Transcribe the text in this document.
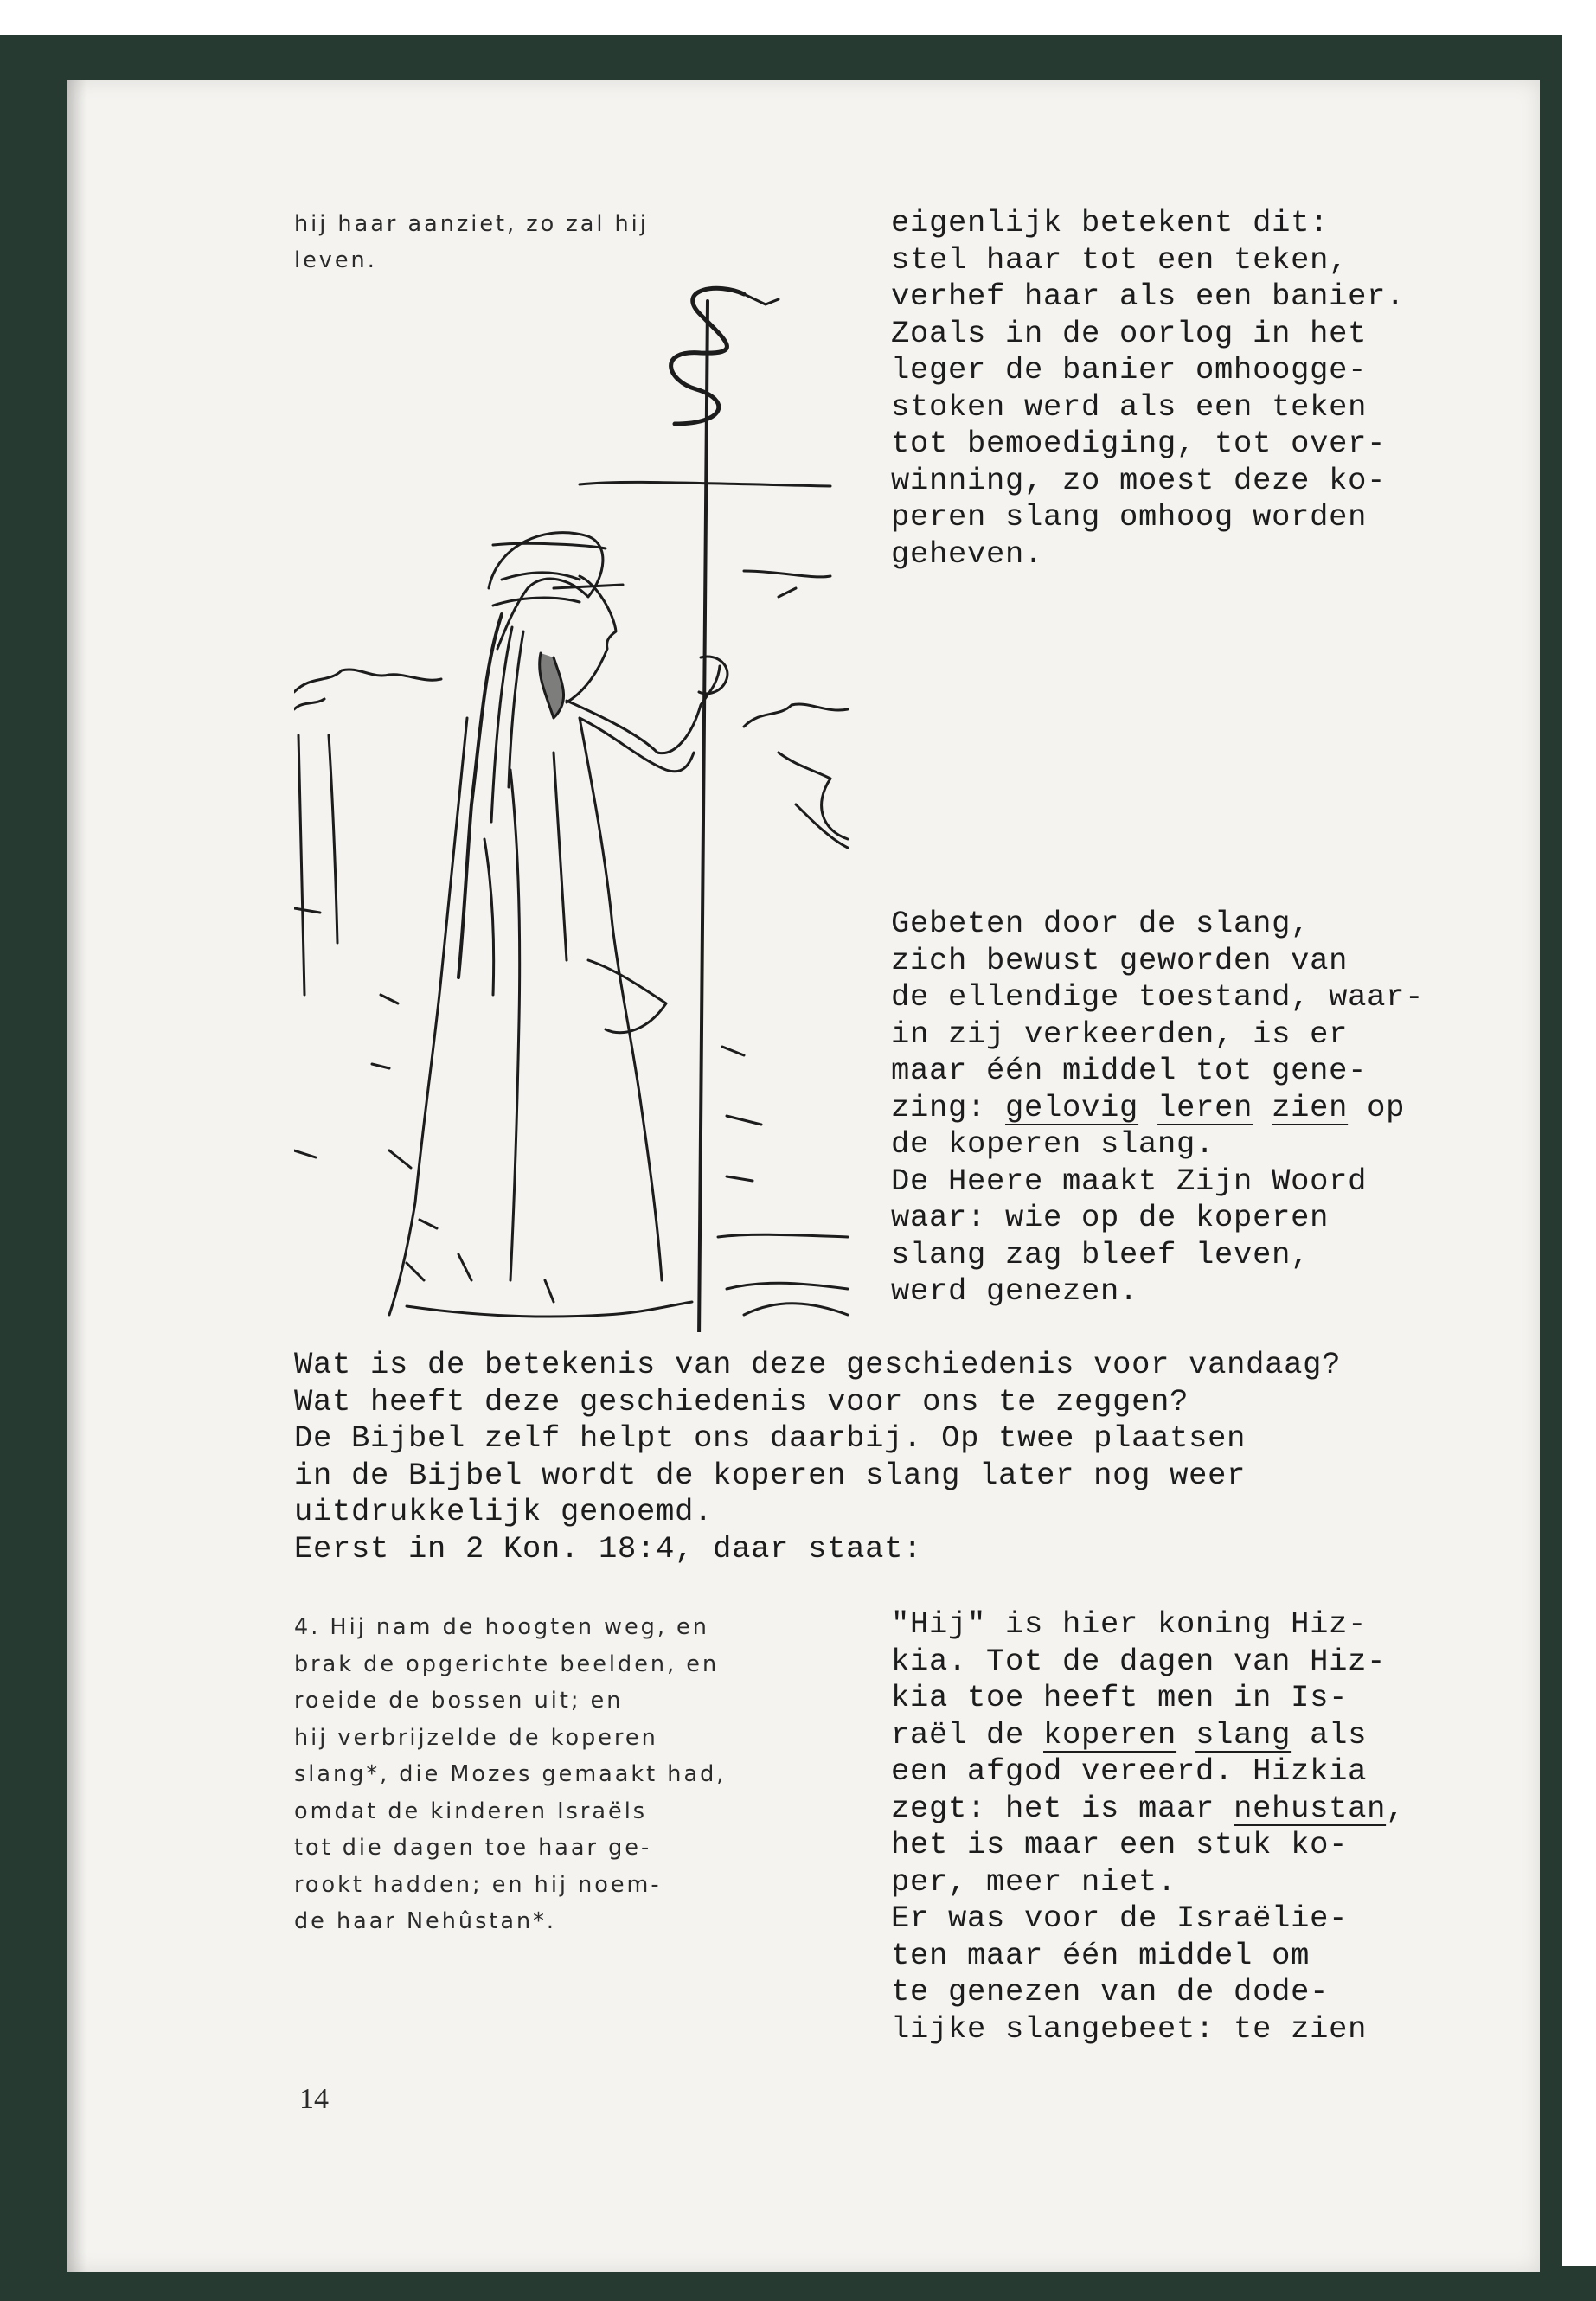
hij haar aanziet, zo zal hij
leven.
eigenlijk betekent dit:
stel haar tot een teken,
verhef haar als een banier.
Zoals in de oorlog in het
leger de banier omhoogge-
stoken werd als een teken
tot bemoediging, tot over-
winning, zo moest deze ko-
peren slang omhoog worden
geheven.
Gebeten door de slang,
zich bewust geworden van
de ellendige toestand, waar-
in zij verkeerden, is er
maar één middel tot gene-
zing: gelovig leren zien op
de koperen slang.
De Heere maakt Zijn Woord
waar: wie op de koperen
slang zag bleef leven,
werd genezen.
Wat is de betekenis van deze geschiedenis voor vandaag?
Wat heeft deze geschiedenis voor ons te zeggen?
De Bijbel zelf helpt ons daarbij. Op twee plaatsen
in de Bijbel wordt de koperen slang later nog weer
uitdrukkelijk genoemd.
Eerst in 2 Kon. 18:4, daar staat:
4. Hij nam de hoogten weg, en
brak de opgerichte beelden, en
roeide de bossen uit; en
hij verbrijzelde de koperen
slang*, die Mozes gemaakt had,
omdat de kinderen Israëls
tot die dagen toe haar ge-
rookt hadden; en hij noem-
de haar Nehûstan*.
"Hij" is hier koning Hiz-
kia. Tot de dagen van Hiz-
kia toe heeft men in Is-
raël de koperen slang als
een afgod vereerd. Hizkia
zegt: het is maar nehustan,
het is maar een stuk ko-
per, meer niet.
Er was voor de Israëlie-
ten maar één middel om
te genezen van de dode-
lijke slangebeet: te zien
14
